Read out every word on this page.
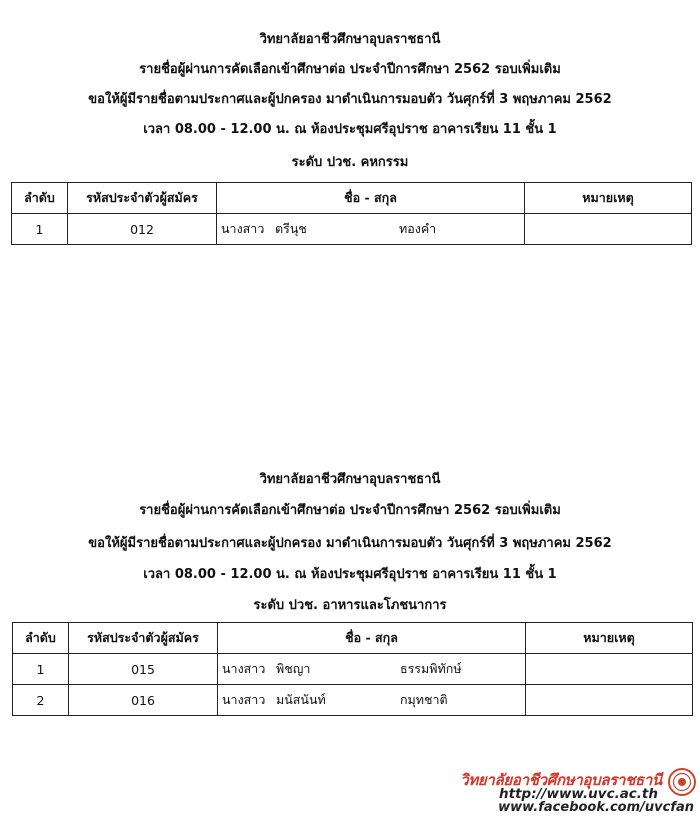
วิทยาลัยอาชีวศึกษาอุบลราชธานี
รายชื่อผู้ผ่านการคัดเลือกเข้าศึกษาต่อ ประจำปีการศึกษา 2562 รอบเพิ่มเติม
ขอให้ผู้มีรายชื่อตามประกาศและผู้ปกครอง มาดำเนินการมอบตัว วันศุกร์ที่ 3 พฤษภาคม 2562
เวลา 08.00 - 12.00 น. ณ ห้องประชุมศรีอุปราช อาคารเรียน 11 ชั้น 1
ระดับ ปวช. คหกรรม
ลำดับ	รหัสประจำตัวผู้สมัคร	ชื่อ - สกุล	หมายเหตุ
1	012	นางสาว ตรีนุช ทองคำ	
วิทยาลัยอาชีวศึกษาอุบลราชธานี
รายชื่อผู้ผ่านการคัดเลือกเข้าศึกษาต่อ ประจำปีการศึกษา 2562 รอบเพิ่มเติม
ขอให้ผู้มีรายชื่อตามประกาศและผู้ปกครอง มาดำเนินการมอบตัว วันศุกร์ที่ 3 พฤษภาคม 2562
เวลา 08.00 - 12.00 น. ณ ห้องประชุมศรีอุปราช อาคารเรียน 11 ชั้น 1
ระดับ ปวช. อาหารและโภชนาการ
ลำดับ	รหัสประจำตัวผู้สมัคร	ชื่อ - สกุล	หมายเหตุ
1	015	นางสาว พิชญา ธรรมพิทักษ์	
2	016	นางสาว มนัสนันท์ กมุทชาติ	
วิทยาลัยอาชีวศึกษาอุบลราชธานี
http://www.uvc.ac.th
www.facebook.com/uvcfan
